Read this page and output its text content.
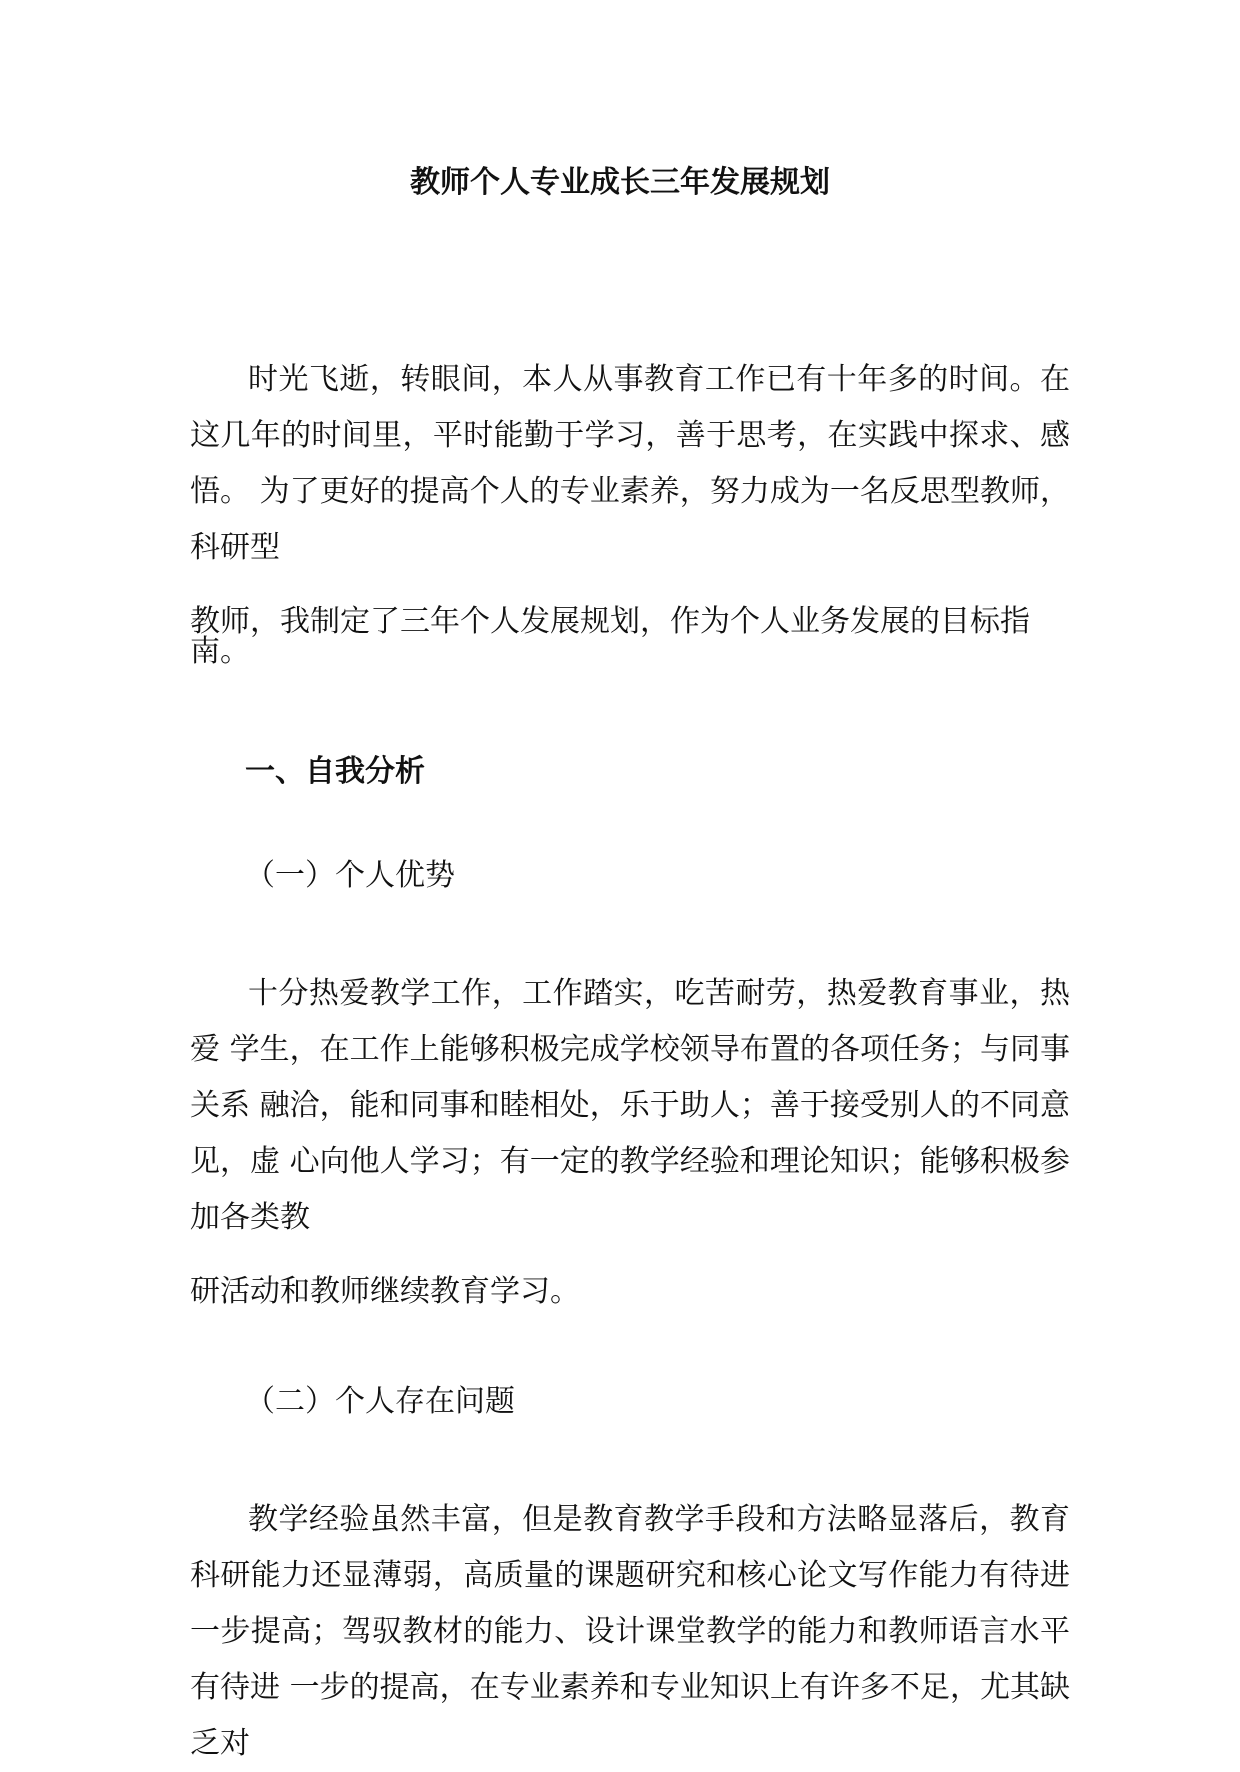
教师个人专业成长三年发展规划

时光飞逝，转眼间，本人从事教育工作已有十年多的时间。在这几年的时间里，平时能勤于学习，善于思考，在实践中探求、感悟。 为了更好的提高个人的专业素养，努力成为一名反思型教师，科研型

教师，我制定了三年个人发展规划，作为个人业务发展的目标指
南。
一、自我分析
（一）个人优势

十分热爱教学工作，工作踏实，吃苦耐劳，热爱教育事业，热爱 学生，在工作上能够积极完成学校领导布置的各项任务；与同事关系 融洽，能和同事和睦相处，乐于助人；善于接受别人的不同意见，虚 心向他人学习；有一定的教学经验和理论知识；能够积极参加各类教

研活动和教师继续教育学习。
（二）个人存在问题

教学经验虽然丰富，但是教育教学手段和方法略显落后，教育科研能力还显薄弱，高质量的课题研究和核心论文写作能力有待进一步提高；驾驭教材的能力、设计课堂教学的能力和教师语言水平有待进 一步的提高，在专业素养和专业知识上有许多不足，尤其缺乏对
